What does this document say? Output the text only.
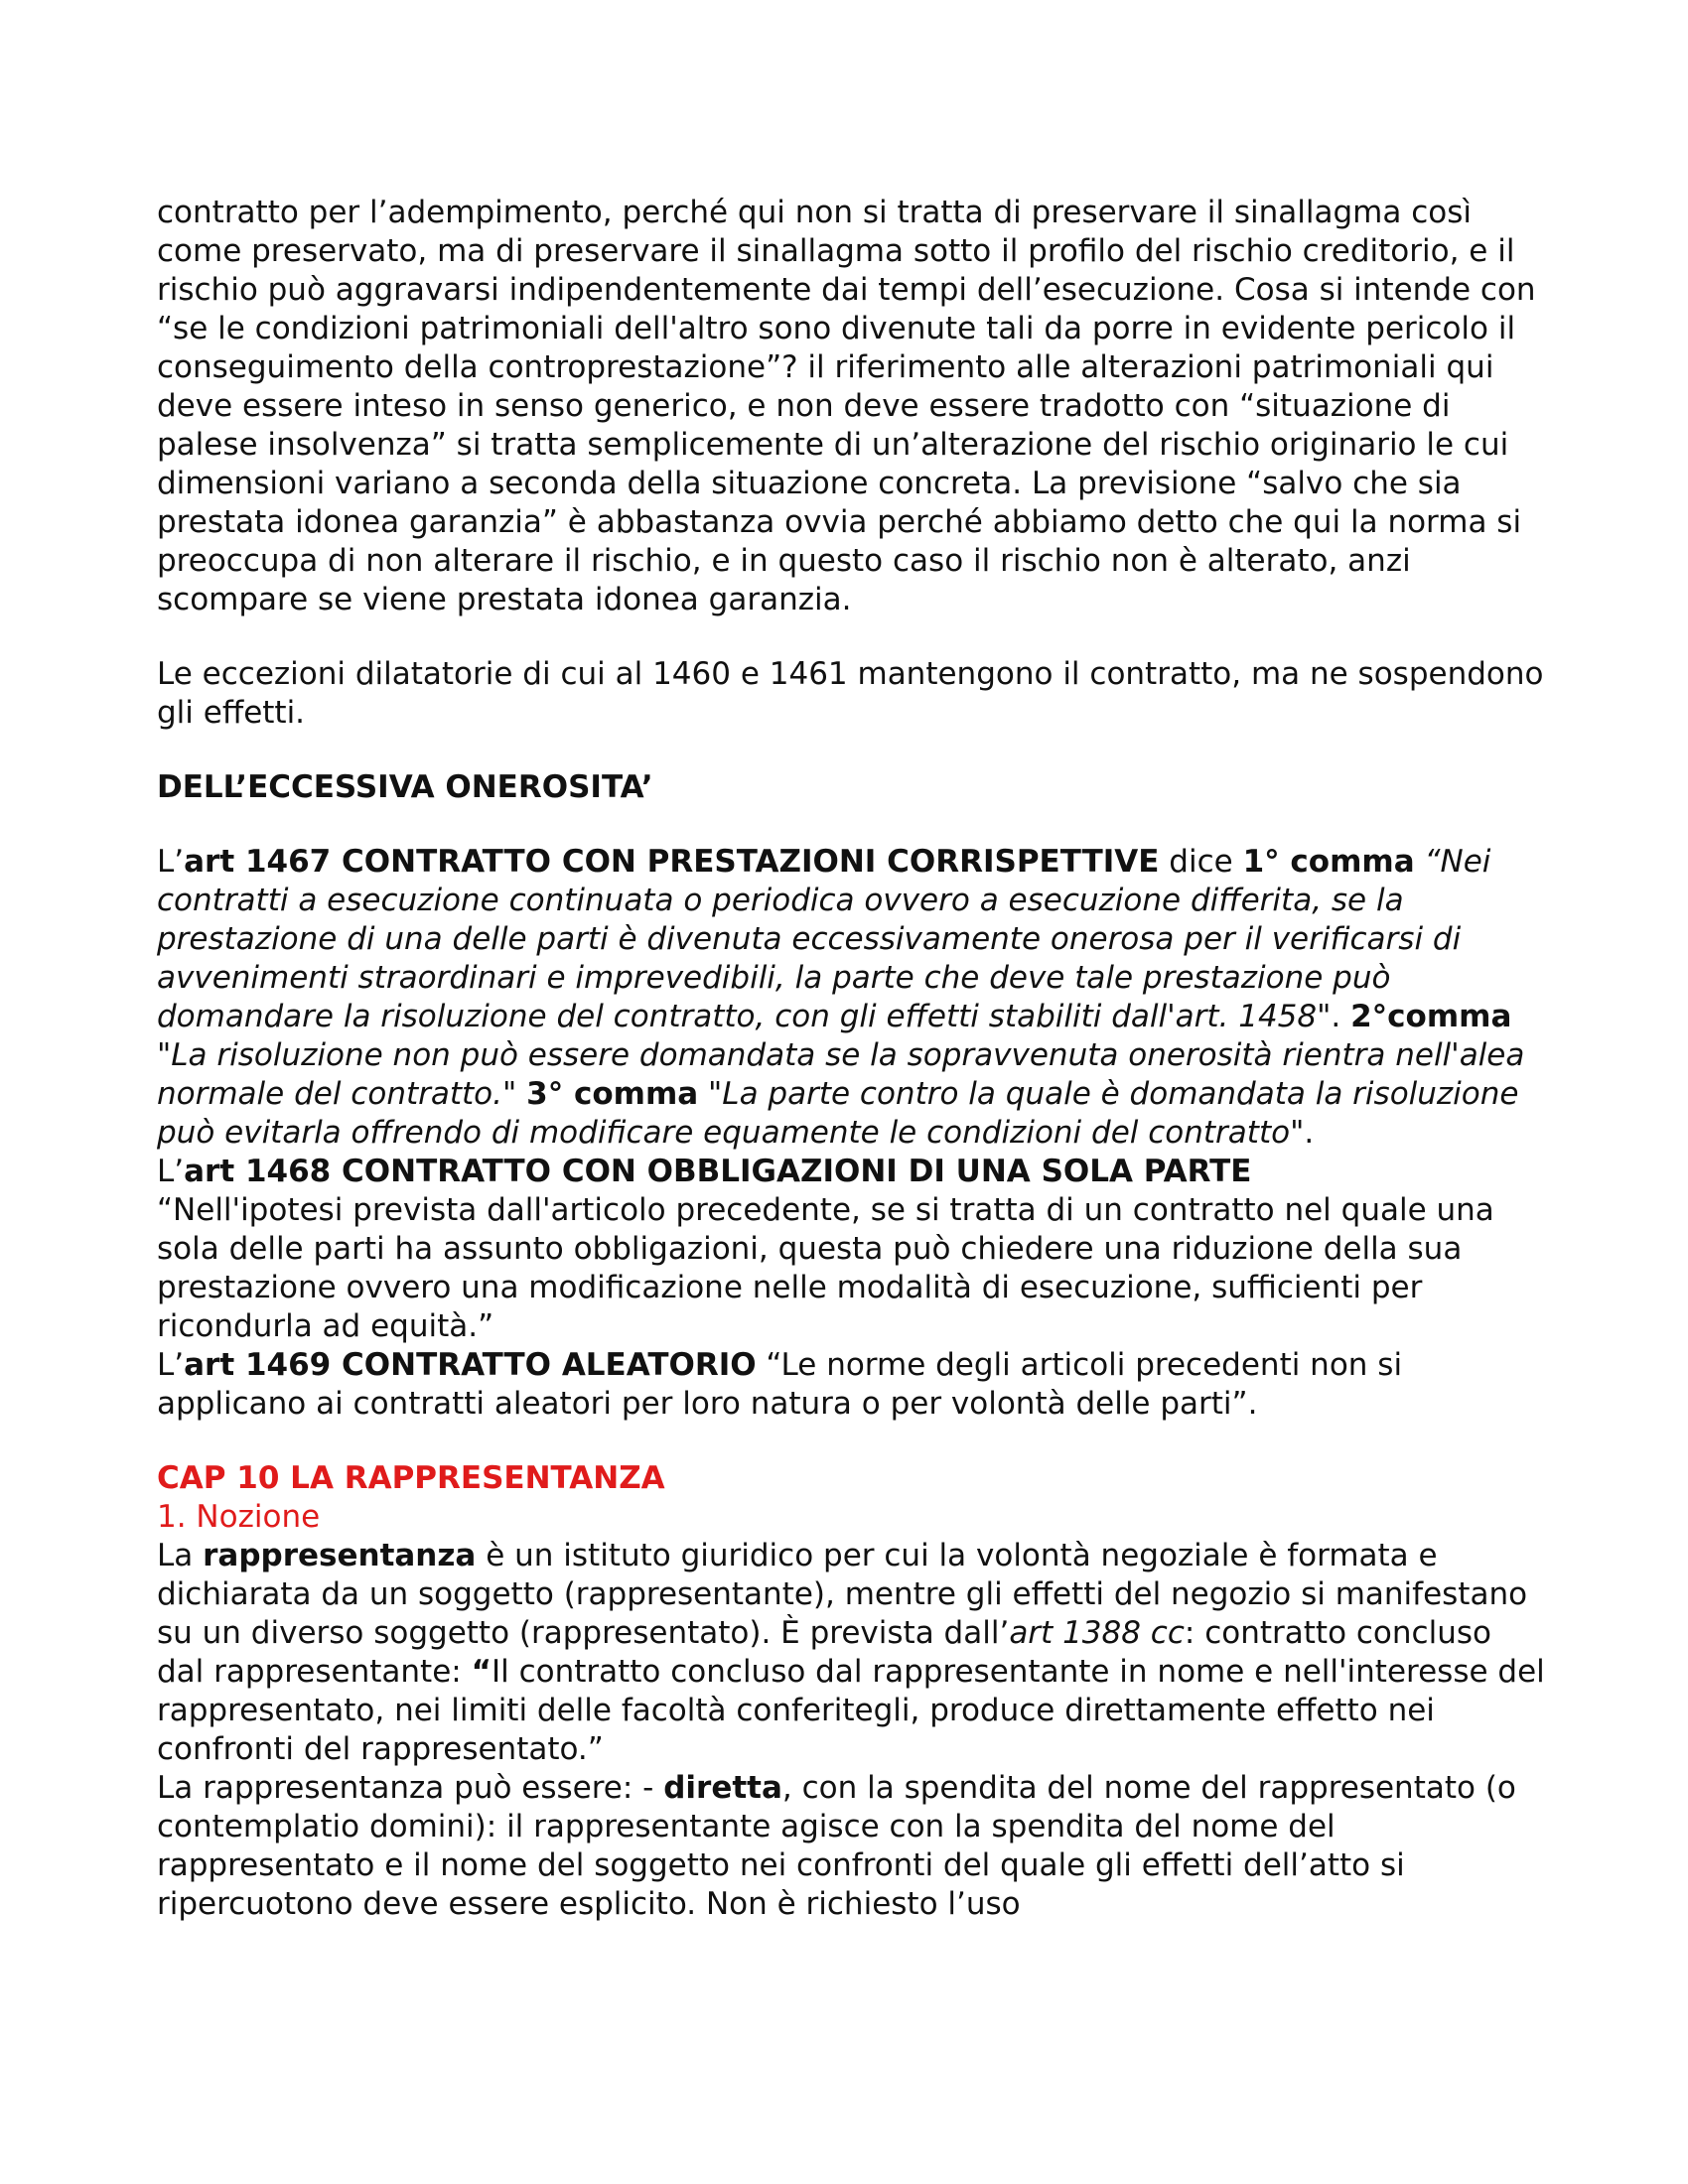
contratto per l’adempimento, perché qui non si tratta di preservare il sinallagma così come preservato, ma di preservare il sinallagma sotto il profilo del rischio creditorio, e il rischio può aggravarsi indipendentemente dai tempi dell’esecuzione. Cosa si intende con “se le condizioni patrimoniali dell'altro sono divenute tali da porre in evidente pericolo il conseguimento della controprestazione”? il riferimento alle alterazioni patrimoniali qui deve essere inteso in senso generico, e non deve essere tradotto con “situazione di palese insolvenza” si tratta semplicemente di un’alterazione del rischio originario le cui dimensioni variano a seconda della situazione concreta. La previsione “salvo che sia prestata idonea garanzia” è abbastanza ovvia perché abbiamo detto che qui la norma si preoccupa di non alterare il rischio, e in questo caso il rischio non è alterato, anzi scompare se viene prestata idonea garanzia.

Le eccezioni dilatatorie di cui al 1460 e 1461 mantengono il contratto, ma ne sospendono gli effetti.

DELL’ECCESSIVA ONEROSITA’

L’art 1467 CONTRATTO CON PRESTAZIONI CORRISPETTIVE dice 1° comma “Nei contratti a esecuzione continuata o periodica ovvero a esecuzione differita, se la prestazione di una delle parti è divenuta eccessivamente onerosa per il verificarsi di avvenimenti straordinari e imprevedibili, la parte che deve tale prestazione può domandare la risoluzione del contratto, con gli effetti stabiliti dall'art. 1458". 2°comma "La risoluzione non può essere domandata se la sopravvenuta onerosità rientra nell'alea normale del contratto." 3° comma "La parte contro la quale è domandata la risoluzione può evitarla offrendo di modificare equamente le condizioni del contratto".

L’art 1468 CONTRATTO CON OBBLIGAZIONI DI UNA SOLA PARTE

“Nell'ipotesi prevista dall'articolo precedente, se si tratta di un contratto nel quale una sola delle parti ha assunto obbligazioni, questa può chiedere una riduzione della sua prestazione ovvero una modificazione nelle modalità di esecuzione, sufficienti per ricondurla ad equità.”

L’art 1469 CONTRATTO ALEATORIO “Le norme degli articoli precedenti non si applicano ai contratti aleatori per loro natura o per volontà delle parti”.

CAP 10 LA RAPPRESENTANZA

1. Nozione

La rappresentanza è un istituto giuridico per cui la volontà negoziale è formata e dichiarata da un soggetto (rappresentante), mentre gli effetti del negozio si manifestano su un diverso soggetto (rappresentato). È prevista dall’art 1388 cc: contratto concluso dal rappresentante: “Il contratto concluso dal rappresentante in nome e nell'interesse del rappresentato, nei limiti delle facoltà conferitegli, produce direttamente effetto nei confronti del rappresentato.”

La rappresentanza può essere: - diretta, con la spendita del nome del rappresentato (o contemplatio domini): il rappresentante agisce con la spendita del nome del rappresentato e il nome del soggetto nei confronti del quale gli effetti dell’atto si ripercuotono deve essere esplicito. Non è richiesto l’uso
